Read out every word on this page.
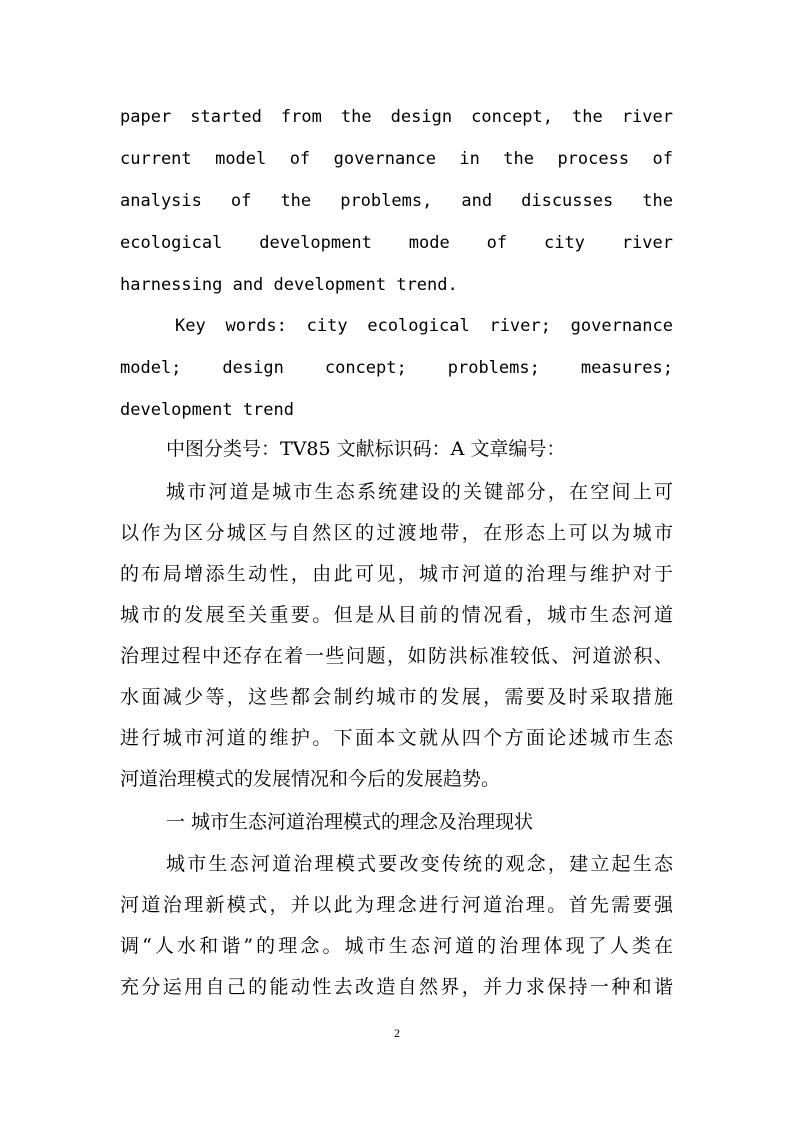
paper started from the design concept, the river
current model of governance in the process of
analysis of the problems, and discusses the
ecological development mode of city river
harnessing and development trend.
Key words: city ecological river; governance
model; design concept; problems; measures;
development trend
中图分类号：TV85 文献标识码：A 文章编号：
城市河道是城市生态系统建设的关键部分，在空间上可
以作为区分城区与自然区的过渡地带，在形态上可以为城市
的布局增添生动性，由此可见，城市河道的治理与维护对于
城市的发展至关重要。但是从目前的情况看，城市生态河道
治理过程中还存在着一些问题，如防洪标准较低、河道淤积、
水面减少等，这些都会制约城市的发展，需要及时采取措施
进行城市河道的维护。下面本文就从四个方面论述城市生态
河道治理模式的发展情况和今后的发展趋势。
一 城市生态河道治理模式的理念及治理现状
城市生态河道治理模式要改变传统的观念，建立起生态
河道治理新模式，并以此为理念进行河道治理。首先需要强
调“人水和谐”的理念。城市生态河道的治理体现了人类在
充分运用自己的能动性去改造自然界，并力求保持一种和谐
2
